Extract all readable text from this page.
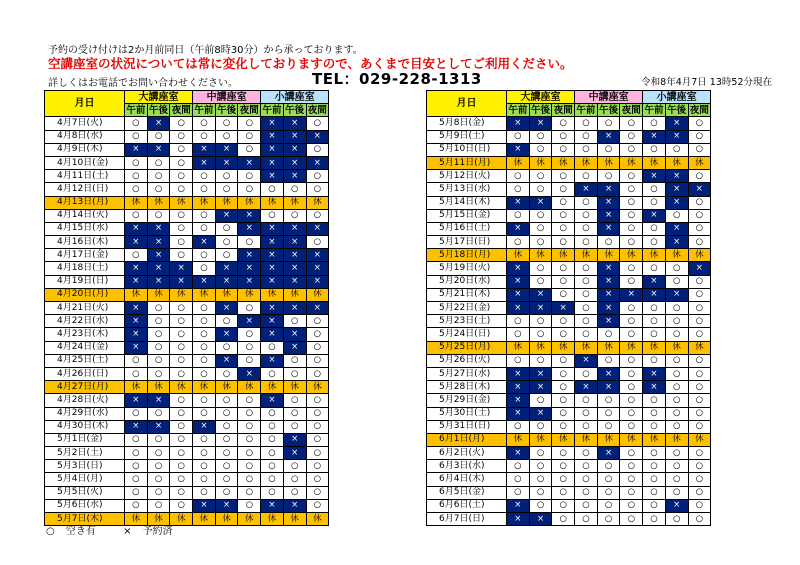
予約の受け付けは2か月前同日（午前8時30分）から承っております。
空講座室の状況については常に変化しておりますので、あくまで目安としてご利用ください。
詳しくはお電話でお問い合わせください。	TEL：029-228-1313	令和8年4月7日 13時52分現在
月日	大講座室			中講座室			小講座室		
	午前	午後	夜間	午前	午後	夜間	午前	午後	夜間
4月7日(火)	○	×	○	○	○	○	×	×	○
4月8日(水)	○	○	○	○	○	○	×	×	×
4月9日(木)	×	×	○	×	×	○	×	×	○
4月10日(金)	○	○	○	×	×	×	×	×	×
4月11日(土)	○	○	○	○	○	○	×	×	○
4月12日(日)	○	○	○	○	○	○	○	○	○
4月13日(月)	休	休	休	休	休	休	休	休	休
4月14日(火)	○	○	○	○	×	×	○	○	○
4月15日(水)	×	×	○	○	○	×	×	×	×
4月16日(木)	×	×	○	×	○	○	×	×	○
4月17日(金)	○	×	○	○	○	×	×	×	×
4月18日(土)	×	×	×	○	×	×	×	×	×
4月19日(日)	×	×	×	×	×	×	×	×	×
4月20日(月)	休	休	休	休	休	休	休	休	休
4月21日(火)	×	○	○	○	×	○	×	×	×
4月22日(水)	×	○	○	○	○	×	×	○	○
4月23日(木)	×	○	○	○	×	○	×	×	○
4月24日(金)	×	○	○	○	○	○	○	×	○
4月25日(土)	○	○	○	○	×	○	×	○	○
4月26日(日)	○	○	○	○	○	×	○	○	○
4月27日(月)	休	休	休	休	休	休	休	休	休
4月28日(火)	×	×	○	○	○	○	×	○	○
4月29日(水)	○	○	○	○	○	○	○	○	○
4月30日(木)	×	×	○	×	○	○	○	○	○
5月1日(金)	○	○	○	○	○	○	○	×	○
5月2日(土)	○	○	○	○	○	○	○	×	○
5月3日(日)	○	○	○	○	○	○	○	○	○
5月4日(月)	○	○	○	○	○	○	○	○	○
5月5日(火)	○	○	○	○	○	○	○	○	○
5月6日(水)	○	○	○	×	×	○	×	×	○
5月7日(木)	休	休	休	休	休	休	休	休	休
月日	大講座室			中講座室			小講座室		
	午前	午後	夜間	午前	午後	夜間	午前	午後	夜間
5月8日(金)	×	×	○	○	○	○	○	×	○
5月9日(土)	○	○	○	○	×	○	×	×	○
5月10日(日)	×	○	○	○	○	○	○	○	○
5月11日(月)	休	休	休	休	休	休	休	休	休
5月12日(火)	○	○	○	○	○	○	×	×	○
5月13日(水)	○	○	○	×	×	○	○	×	×
5月14日(木)	×	×	○	○	×	○	○	×	○
5月15日(金)	○	○	○	○	×	○	×	○	○
5月16日(土)	×	○	○	○	×	○	○	×	○
5月17日(日)	○	○	○	○	○	○	○	×	○
5月18日(月)	休	休	休	休	休	休	休	休	休
5月19日(火)	×	○	○	○	×	○	○	○	×
5月20日(水)	×	○	○	○	×	○	×	○	○
5月21日(木)	×	×	○	○	×	×	×	×	○
5月22日(金)	×	×	×	○	×	○	○	○	○
5月23日(土)	○	○	○	○	×	○	○	○	○
5月24日(日)	○	○	○	○	○	○	○	○	○
5月25日(月)	休	休	休	休	休	休	休	休	休
5月26日(火)	○	○	○	×	○	○	○	○	○
5月27日(水)	×	×	○	○	×	○	×	○	○
5月28日(木)	×	×	○	×	×	○	×	○	○
5月29日(金)	×	○	○	○	○	○	○	○	○
5月30日(土)	×	×	○	○	○	○	○	○	○
5月31日(日)	○	○	○	○	○	○	○	○	○
6月1日(月)	休	休	休	休	休	休	休	休	休
6月2日(火)	×	○	○	○	×	○	○	○	○
6月3日(水)	○	○	○	○	○	○	○	○	○
6月4日(木)	○	○	○	○	○	○	○	○	○
6月5日(金)	○	○	○	○	○	○	○	○	○
6月6日(土)	×	○	○	○	○	○	○	×	○
6月7日(日)	×	×	○	○	○	○	○	○	○
○ 空き有	× 予約済
